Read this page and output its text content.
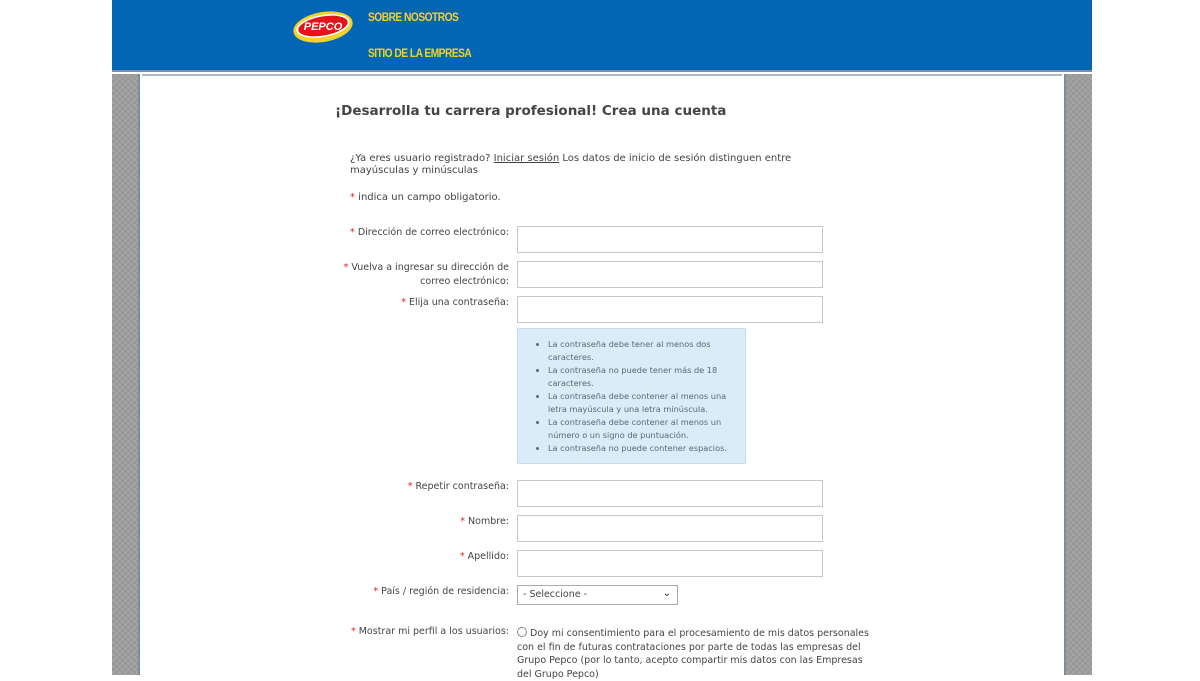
PEPCO
SOBRE NOSOTROS
SITIO DE LA EMPRESA
¡Desarrolla tu carrera profesional! Crea una cuenta
¿Ya eres usuario registrado? Iniciar sesión Los datos de inicio de sesión distinguen entre mayúsculas y minúsculas
* indica un campo obligatorio.
* Dirección de correo electrónico:
* Vuelva a ingresar su dirección de correo electrónico:
* Elija una contraseña:
• La contraseña debe tener al menos dos caracteres.
• La contraseña no puede tener más de 18 caracteres.
• La contraseña debe contener al menos una letra mayúscula y una letra minúscula.
• La contraseña debe contener al menos un número o un signo de puntuación.
• La contraseña no puede contener espacios.
* Repetir contraseña:
* Nombre:
* Apellido:
* País / región de residencia:	- Seleccione -	⌄
* Mostrar mi perfil a los usuarios:	Doy mi consentimiento para el procesamiento de mis datos personales con el fin de futuras contrataciones por parte de todas las empresas del Grupo Pepco (por lo tanto, acepto compartir mis datos con las Empresas del Grupo Pepco)
